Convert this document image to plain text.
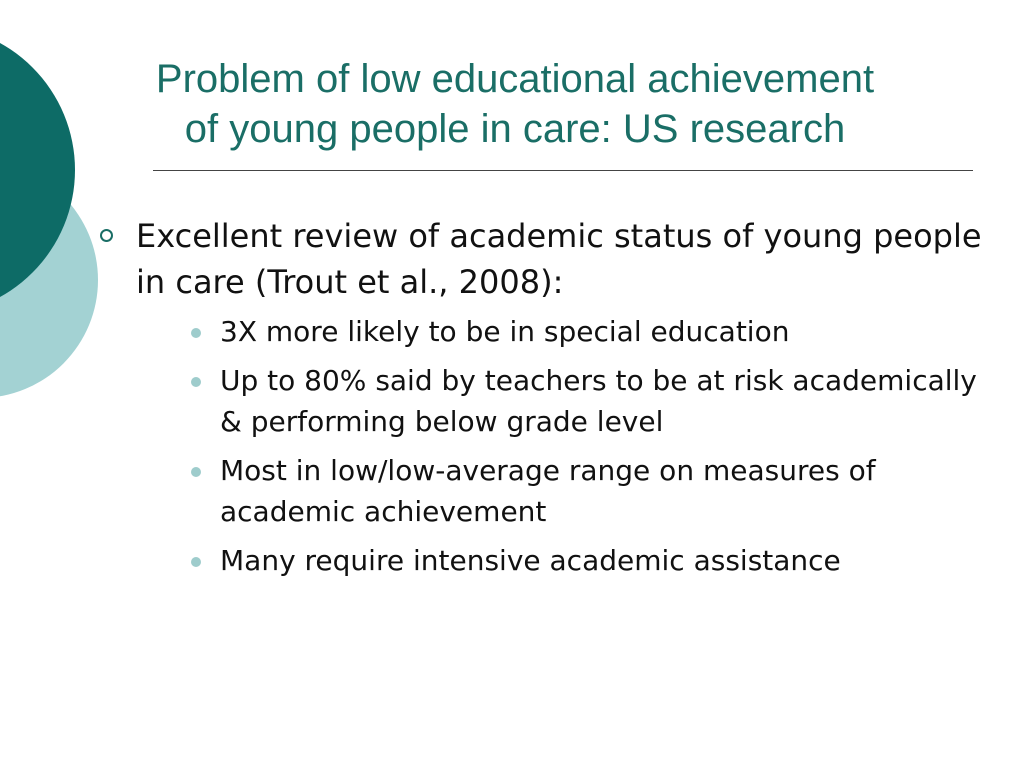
Problem of low educational achievement
of young people in care: US research
Excellent review of academic status of young people in care (Trout et al., 2008):
3X more likely to be in special education
Up to 80% said by teachers to be at risk academically & performing below grade level
Most in low/low-average range on measures of academic achievement
Many require intensive academic assistance
